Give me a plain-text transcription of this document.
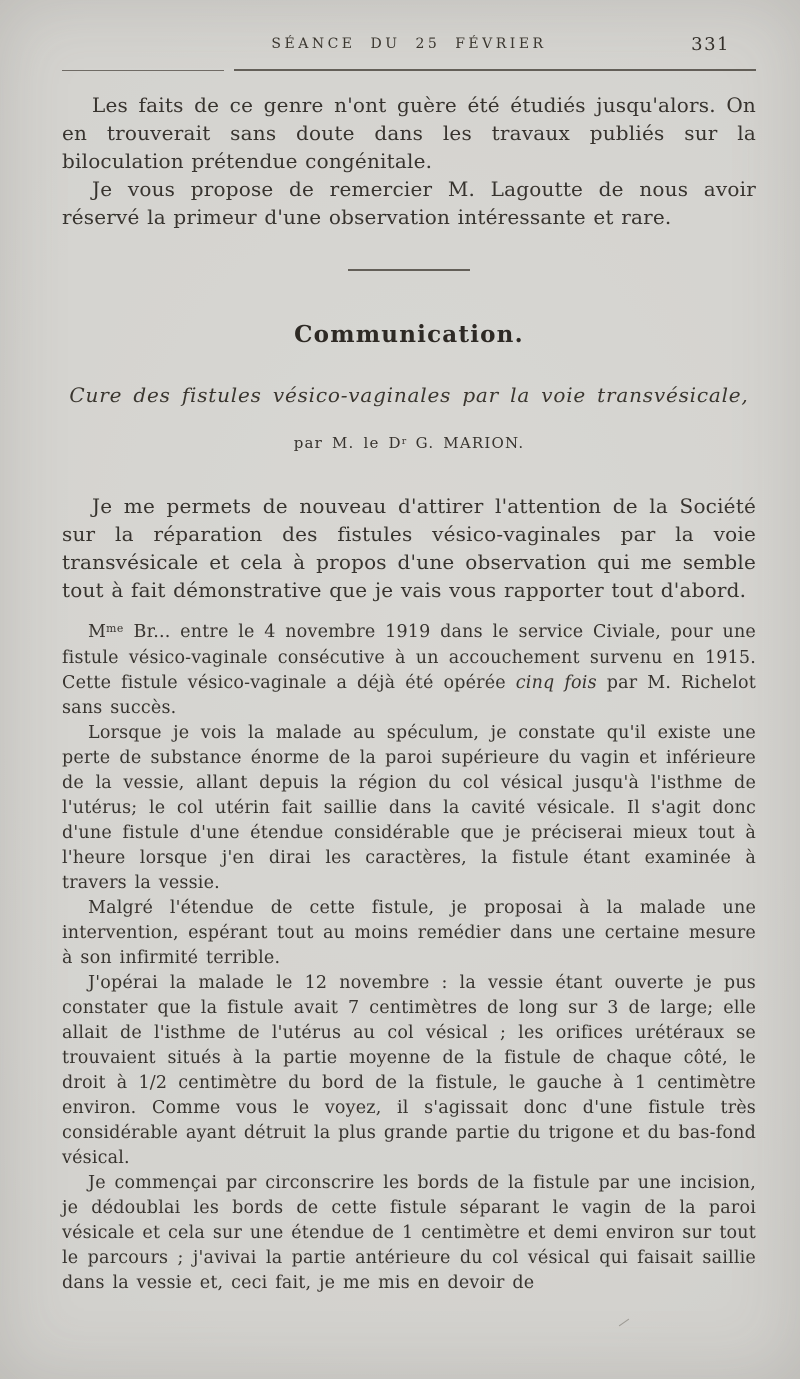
SÉANCE DU 25 FÉVRIER	331

Les faits de ce genre n'ont guère été étudiés jusqu'alors. On en trouverait sans doute dans les travaux publiés sur la biloculation prétendue congénitale.

Je vous propose de remercier M. Lagoutte de nous avoir réservé la primeur d'une observation intéressante et rare.

Communication.
Cure des fistules vésico-vaginales par la voie transvésicale,

par M. le $D^r$ G. MARION.

Je me permets de nouveau d'attirer l'attention de la Société sur la réparation des fistules vésico-vaginales par la voie transvésicale et cela à propos d'une observation qui me semble tout à fait démonstrative que je vais vous rapporter tout d'abord.

$M^{me}$ Br... entre le 4 novembre 1919 dans le service Civiale, pour une fistule vésico-vaginale consécutive à un accouchement survenu en 1915. Cette fistule vésico-vaginale a déjà été opérée cinq fois par M. Richelot sans succès.

Lorsque je vois la malade au spéculum, je constate qu'il existe une perte de substance énorme de la paroi supérieure du vagin et inférieure de la vessie, allant depuis la région du col vésical jusqu'à l'isthme de l'utérus; le col utérin fait saillie dans la cavité vésicale. Il s'agit donc d'une fistule d'une étendue considérable que je préciserai mieux tout à l'heure lorsque j'en dirai les caractères, la fistule étant examinée à travers la vessie.

Malgré l'étendue de cette fistule, je proposai à la malade une intervention, espérant tout au moins remédier dans une certaine mesure à son infirmité terrible.

J'opérai la malade le 12 novembre : la vessie étant ouverte je pus constater que la fistule avait 7 centimètres de long sur 3 de large; elle allait de l'isthme de l'utérus au col vésical ; les orifices urétéraux se trouvaient situés à la partie moyenne de la fistule de chaque côté, le droit à 1/2 centimètre du bord de la fistule, le gauche à 1 centimètre environ. Comme vous le voyez, il s'agissait donc d'une fistule très considérable ayant détruit la plus grande partie du trigone et du bas-fond vésical.

Je commençai par circonscrire les bords de la fistule par une incision, je dédoublai les bords de cette fistule séparant le vagin de la paroi vésicale et cela sur une étendue de 1 centimètre et demi environ sur tout le parcours ; j'avivai la partie antérieure du col vésical qui faisait saillie dans la vessie et, ceci fait, je me mis en devoir de
